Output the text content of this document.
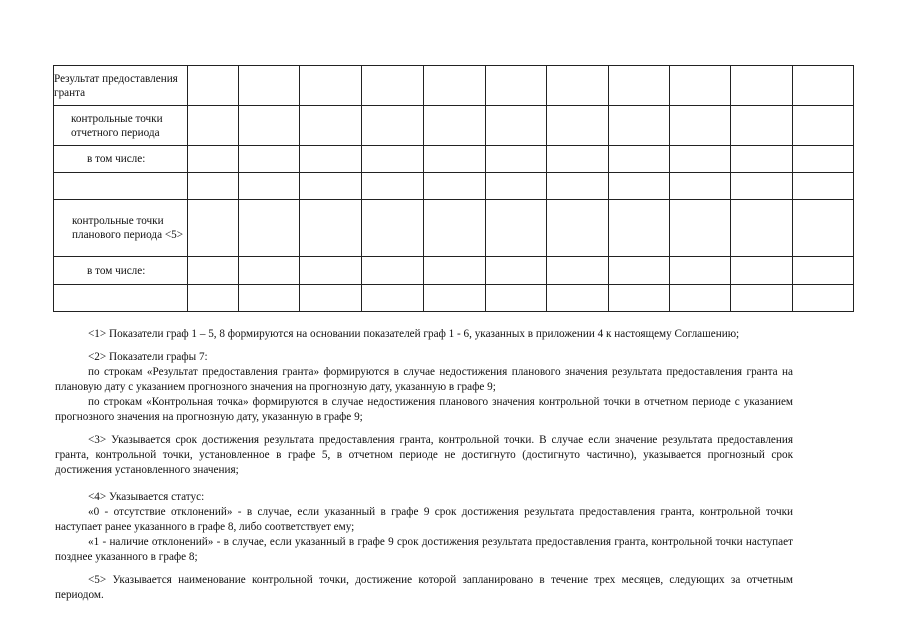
Результат предоставления гранта											
контрольные точки отчетного периода											
в том числе:											

контрольные точки планового периода <5>											
в том числе:											

<1> Показатели граф 1 – 5, 8 формируются на основании показателей граф 1 - 6, указанных в приложении 4 к настоящему Соглашению;

<2> Показатели графы 7:

по строкам «Результат предоставления гранта» формируются в случае недостижения планового значения результата предоставления гранта на плановую дату с указанием прогнозного значения на прогнозную дату, указанную в графе 9;

по строкам «Контрольная точка» формируются в случае недостижения планового значения контрольной точки в отчетном периоде с указанием прогнозного значения на прогнозную дату, указанную в графе 9;

<3> Указывается срок достижения результата предоставления гранта, контрольной точки. В случае если значение результата предоставления гранта, контрольной точки, установленное в графе 5, в отчетном периоде не достигнуто (достигнуто частично), указывается прогнозный срок достижения установленного значения;

<4> Указывается статус:

«0 - отсутствие отклонений» - в случае, если указанный в графе 9 срок достижения результата предоставления гранта, контрольной точки наступает ранее указанного в графе 8, либо соответствует ему;

«1 - наличие отклонений» - в случае, если указанный в графе 9 срок достижения результата предоставления гранта, контрольной точки наступает позднее указанного в графе 8;

<5> Указывается наименование контрольной точки, достижение которой запланировано в течение трех месяцев, следующих за отчетным периодом.
